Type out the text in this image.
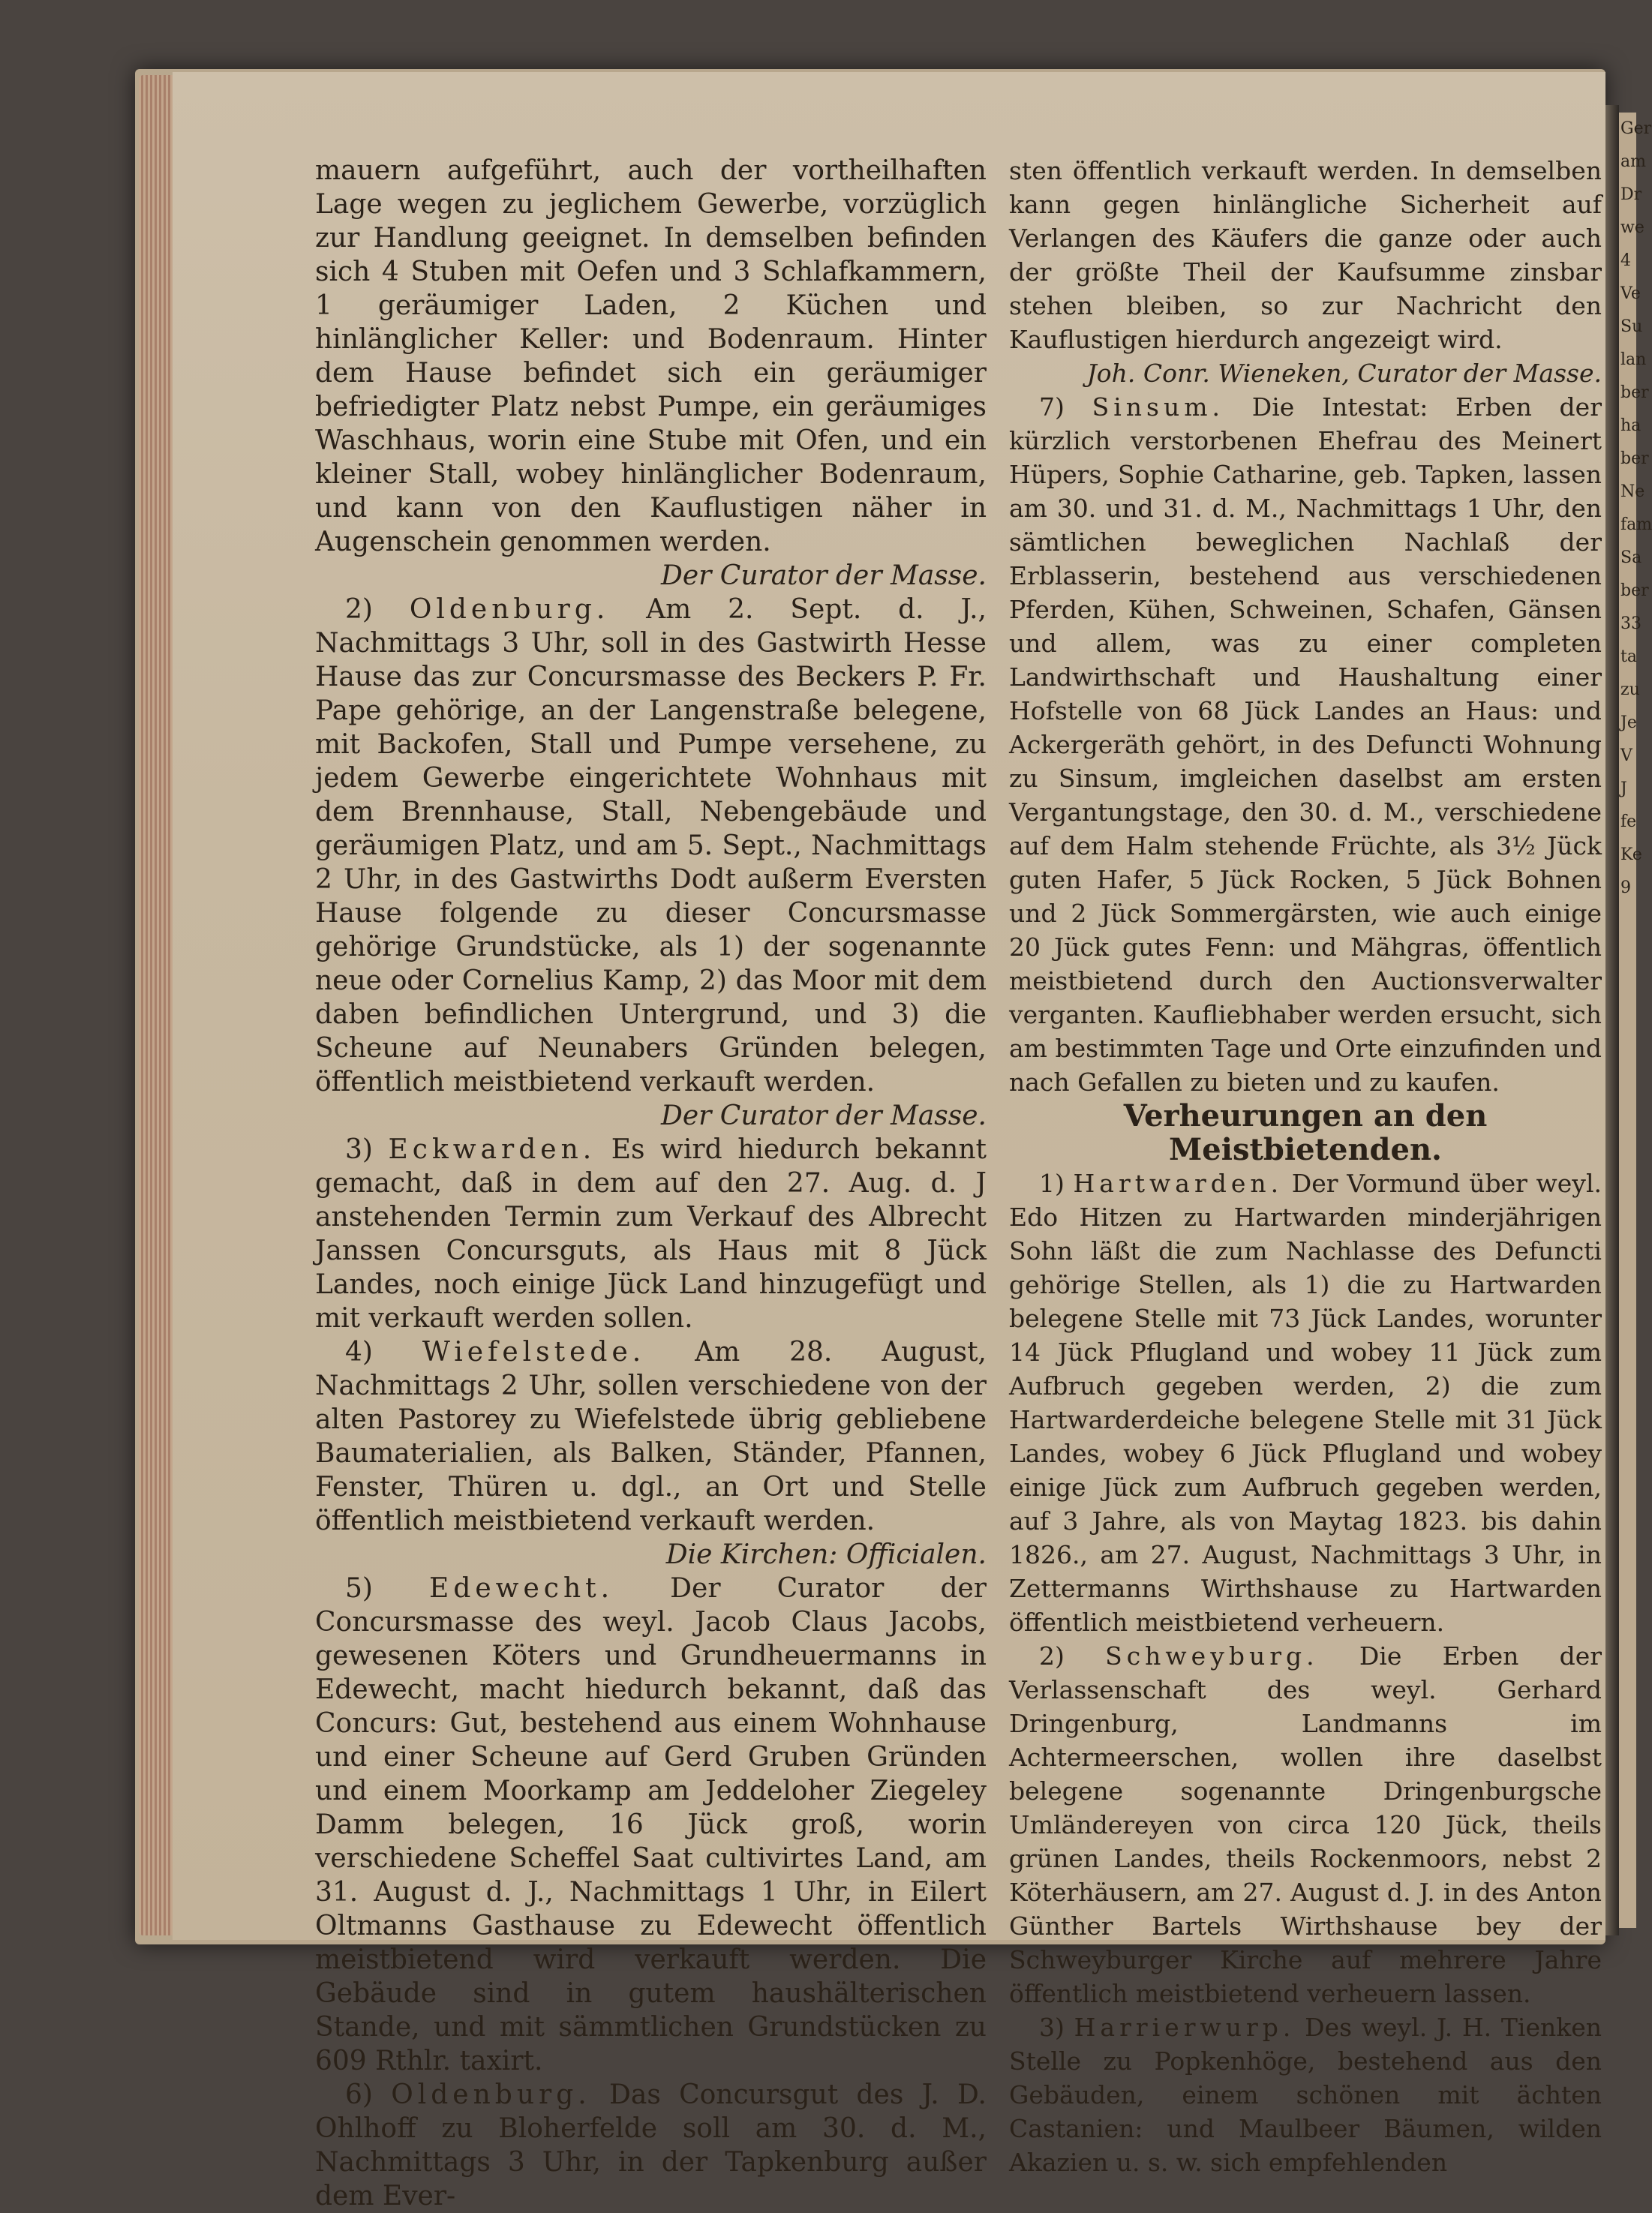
Ger
am
Dr
we
4
Ve
Su
lan
ber
ha
ber
Ne
fam
Sa
ber
33
ta
zu
Je
V
J
fe
Ke
9

mauern aufgeführt, auch der vortheilhaften Lage wegen zu jeglichem Gewerbe, vorzüglich zur Handlung geeignet. In demselben befinden sich 4 Stuben mit Oefen und 3 Schlafkammern, 1 geräumiger Laden, 2 Küchen und hinlänglicher Keller: und Bodenraum. Hinter dem Hause befindet sich ein geräumiger befriedigter Platz nebst Pumpe, ein geräumiges Waschhaus, worin eine Stube mit Ofen, und ein kleiner Stall, wobey hinlänglicher Bodenraum, und kann von den Kauflustigen näher in Augenschein genommen werden.
Der Curator der Masse.

2) Oldenburg. Am 2. Sept. d. J., Nachmittags 3 Uhr, soll in des Gastwirth Hesse Hause das zur Concursmasse des Beckers P. Fr. Pape gehörige, an der Langenstraße belegene, mit Backofen, Stall und Pumpe versehene, zu jedem Gewerbe eingerichtete Wohnhaus mit dem Brennhause, Stall, Nebengebäude und geräumigen Platz, und am 5. Sept., Nachmittags 2 Uhr, in des Gastwirths Dodt außerm Eversten Hause folgende zu dieser Concursmasse gehörige Grundstücke, als 1) der sogenannte neue oder Cornelius Kamp, 2) das Moor mit dem daben befindlichen Untergrund, und 3) die Scheune auf Neunabers Gründen belegen, öffentlich meistbietend verkauft werden.
Der Curator der Masse.

3) Eckwarden. Es wird hiedurch bekannt gemacht, daß in dem auf den 27. Aug. d. J anstehenden Termin zum Verkauf des Albrecht Janssen Concursguts, als Haus mit 8 Jück Landes, noch einige Jück Land hinzugefügt und mit verkauft werden sollen.

4) Wiefelstede. Am 28. August, Nachmittags 2 Uhr, sollen verschiedene von der alten Pastorey zu Wiefelstede übrig gebliebene Baumaterialien, als Balken, Ständer, Pfannen, Fenster, Thüren u. dgl., an Ort und Stelle öffentlich meistbietend verkauft werden.
Die Kirchen: Officialen.

5) Edewecht. Der Curator der Concursmasse des weyl. Jacob Claus Jacobs, gewesenen Köters und Grundheuermanns in Edewecht, macht hiedurch bekannt, daß das Concurs: Gut, bestehend aus einem Wohnhause und einer Scheune auf Gerd Gruben Gründen und einem Moorkamp am Jeddeloher Ziegeley Damm belegen, 16 Jück groß, worin verschiedene Scheffel Saat cultivirtes Land, am 31. August d. J., Nachmittags 1 Uhr, in Eilert Oltmanns Gasthause zu Edewecht öffentlich meistbietend wird verkauft werden. Die Gebäude sind in gutem haushälterischen Stande, und mit sämmtlichen Grundstücken zu 609 Rthlr. taxirt.

6) Oldenburg. Das Concursgut des J. D. Ohlhoff zu Bloherfelde soll am 30. d. M., Nachmittags 3 Uhr, in der Tapkenburg außer dem Ever-

sten öffentlich verkauft werden. In demselben kann gegen hinlängliche Sicherheit auf Verlangen des Käufers die ganze oder auch der größte Theil der Kaufsumme zinsbar stehen bleiben, so zur Nachricht den Kauflustigen hierdurch angezeigt wird.
Joh. Conr. Wieneken, Curator der Masse.

7) Sinsum. Die Intestat: Erben der kürzlich verstorbenen Ehefrau des Meinert Hüpers, Sophie Catharine, geb. Tapken, lassen am 30. und 31. d. M., Nachmittags 1 Uhr, den sämtlichen beweglichen Nachlaß der Erblasserin, bestehend aus verschiedenen Pferden, Kühen, Schweinen, Schafen, Gänsen und allem, was zu einer completen Landwirthschaft und Haushaltung einer Hofstelle von 68 Jück Landes an Haus: und Ackergeräth gehört, in des Defuncti Wohnung zu Sinsum, imgleichen daselbst am ersten Vergantungstage, den 30. d. M., verschiedene auf dem Halm stehende Früchte, als 3½ Jück guten Hafer, 5 Jück Rocken, 5 Jück Bohnen und 2 Jück Sommergärsten, wie auch einige 20 Jück gutes Fenn: und Mähgras, öffentlich meistbietend durch den Auctionsverwalter verganten. Kaufliebhaber werden ersucht, sich am bestimmten Tage und Orte einzufinden und nach Gefallen zu bieten und zu kaufen.

Verheurungen an den Meistbietenden.

1) Hartwarden. Der Vormund über weyl. Edo Hitzen zu Hartwarden minderjährigen Sohn läßt die zum Nachlasse des Defuncti gehörige Stellen, als 1) die zu Hartwarden belegene Stelle mit 73 Jück Landes, worunter 14 Jück Pflugland und wobey 11 Jück zum Aufbruch gegeben werden, 2) die zum Hartwarderdeiche belegene Stelle mit 31 Jück Landes, wobey 6 Jück Pflugland und wobey einige Jück zum Aufbruch gegeben werden, auf 3 Jahre, als von Maytag 1823. bis dahin 1826., am 27. August, Nachmittags 3 Uhr, in Zettermanns Wirthshause zu Hartwarden öffentlich meistbietend verheuern.

2) Schweyburg. Die Erben der Verlassenschaft des weyl. Gerhard Dringenburg, Landmanns im Achtermeerschen, wollen ihre daselbst belegene sogenannte Dringenburgsche Umländereyen von circa 120 Jück, theils grünen Landes, theils Rockenmoors, nebst 2 Köterhäusern, am 27. August d. J. in des Anton Günther Bartels Wirthshause bey der Schweyburger Kirche auf mehrere Jahre öffentlich meistbietend verheuern lassen.

3) Harrierwurp. Des weyl. J. H. Tienken Stelle zu Popkenhöge, bestehend aus den Gebäuden, einem schönen mit ächten Castanien: und Maulbeer Bäumen, wilden Akazien u. s. w. sich empfehlenden
